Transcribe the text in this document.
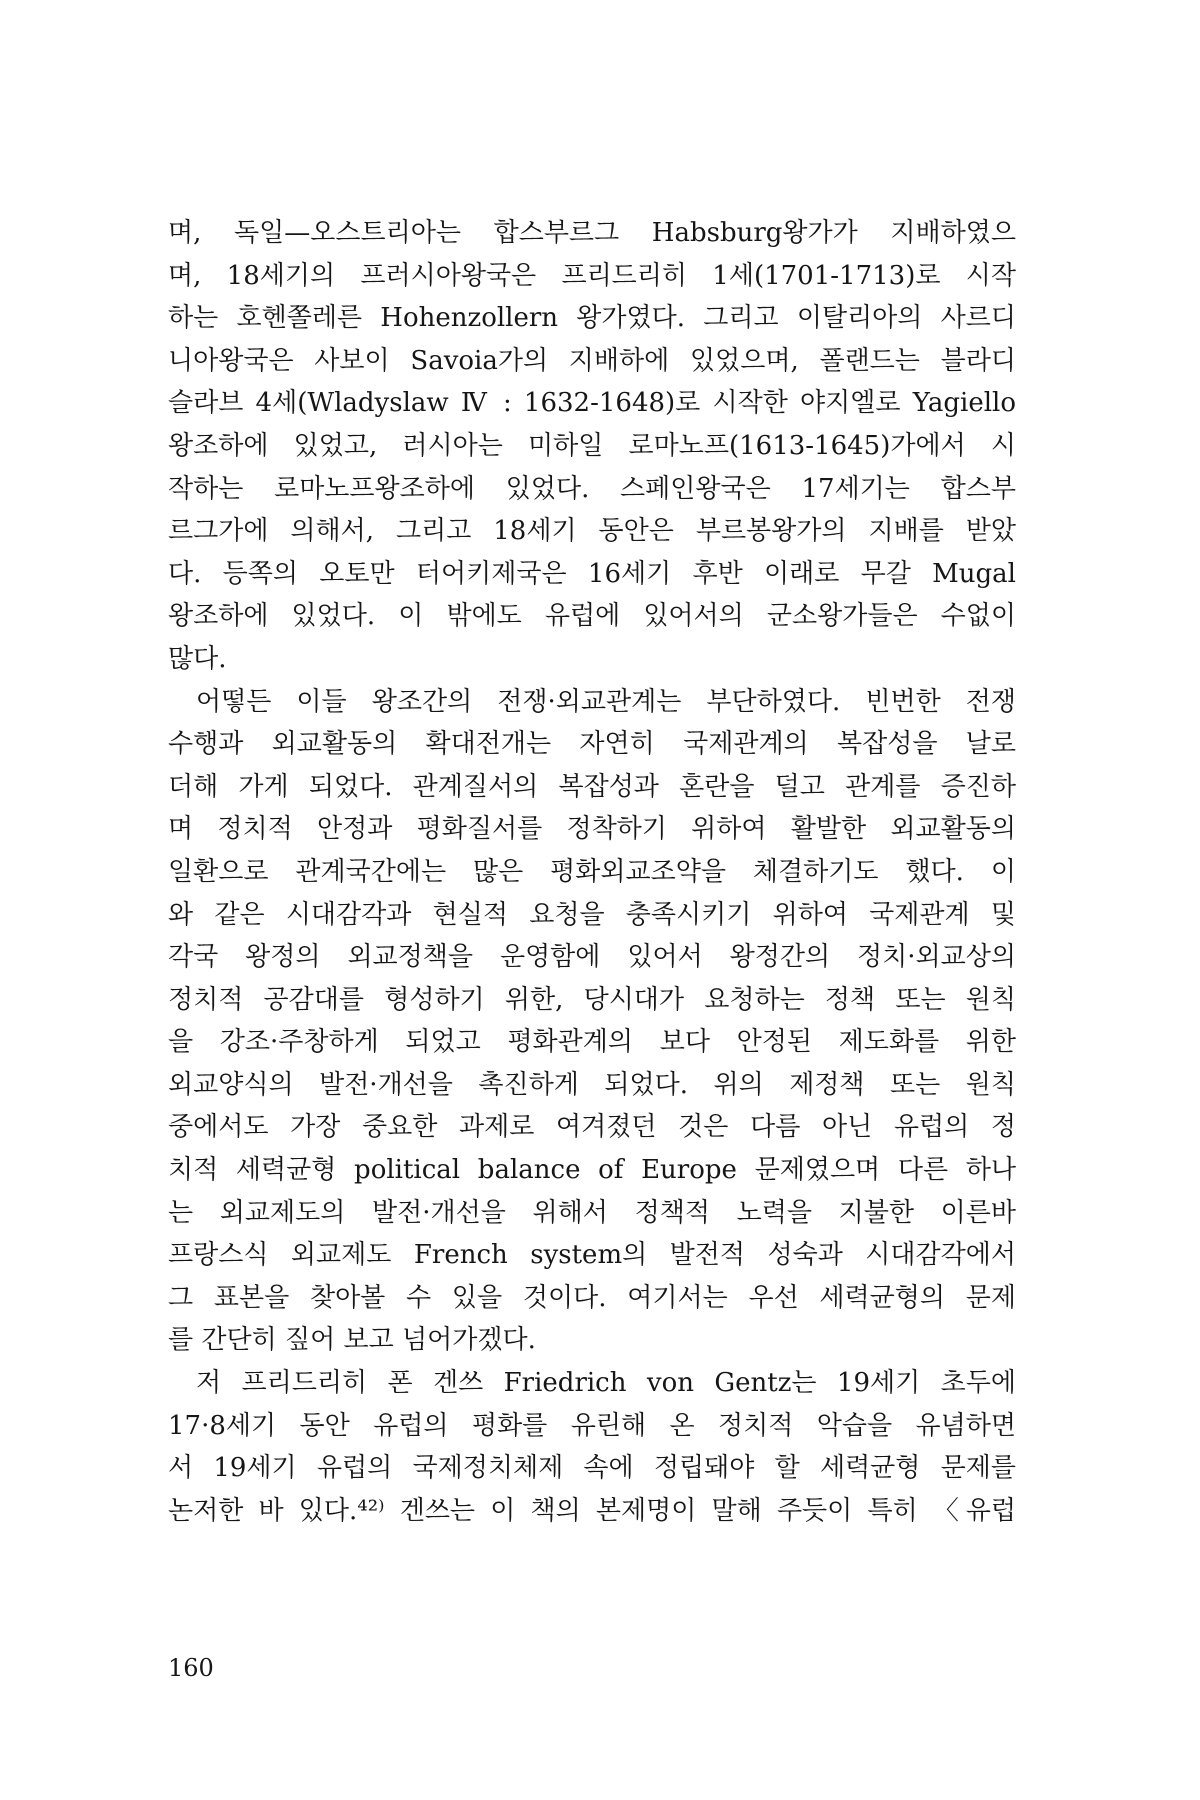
며, 독일—오스트리아는 합스부르그 Habsburg왕가가 지배하였으
며, 18세기의 프러시아왕국은 프리드리히 1세(1701-1713)로 시작
하는 호헨쫄레른 Hohenzollern 왕가였다. 그리고 이탈리아의 사르디
니아왕국은 사보이 Savoia가의 지배하에 있었으며, 폴랜드는 블라디
슬라브 4세(Wladyslaw Ⅳ : 1632-1648)로 시작한 야지엘로 Yagiello
왕조하에 있었고, 러시아는 미하일 로마노프(1613-1645)가에서 시
작하는 로마노프왕조하에 있었다. 스페인왕국은 17세기는 합스부
르그가에 의해서, 그리고 18세기 동안은 부르봉왕가의 지배를 받았
다. 등쪽의 오토만 터어키제국은 16세기 후반 이래로 무갈 Mugal
왕조하에 있었다. 이 밖에도 유럽에 있어서의 군소왕가들은 수없이
많다.
어떻든 이들 왕조간의 전쟁·외교관계는 부단하였다. 빈번한 전쟁
수행과 외교활동의 확대전개는 자연히 국제관계의 복잡성을 날로
더해 가게 되었다. 관계질서의 복잡성과 혼란을 덜고 관계를 증진하
며 정치적 안정과 평화질서를 정착하기 위하여 활발한 외교활동의
일환으로 관계국간에는 많은 평화외교조약을 체결하기도 했다. 이
와 같은 시대감각과 현실적 요청을 충족시키기 위하여 국제관계 및
각국 왕정의 외교정책을 운영함에 있어서 왕정간의 정치·외교상의
정치적 공감대를 형성하기 위한, 당시대가 요청하는 정책 또는 원칙
을 강조·주창하게 되었고 평화관계의 보다 안정된 제도화를 위한
외교양식의 발전·개선을 촉진하게 되었다. 위의 제정책 또는 원칙
중에서도 가장 중요한 과제로 여겨졌던 것은 다름 아닌 유럽의 정
치적 세력균형 political balance of Europe 문제였으며 다른 하나
는 외교제도의 발전·개선을 위해서 정책적 노력을 지불한 이른바
프랑스식 외교제도 French system의 발전적 성숙과 시대감각에서
그 표본을 찾아볼 수 있을 것이다. 여기서는 우선 세력균형의 문제
를 간단히 짚어 보고 넘어가겠다.
저 프리드리히 폰 겐쓰 Friedrich von Gentz는 19세기 초두에
17·8세기 동안 유럽의 평화를 유린해 온 정치적 악습을 유념하면
서 19세기 유럽의 국제정치체제 속에 정립돼야 할 세력균형 문제를
논저한 바 있다.⁴²⁾ 겐쓰는 이 책의 본제명이 말해 주듯이 특히 〈유럽
160
